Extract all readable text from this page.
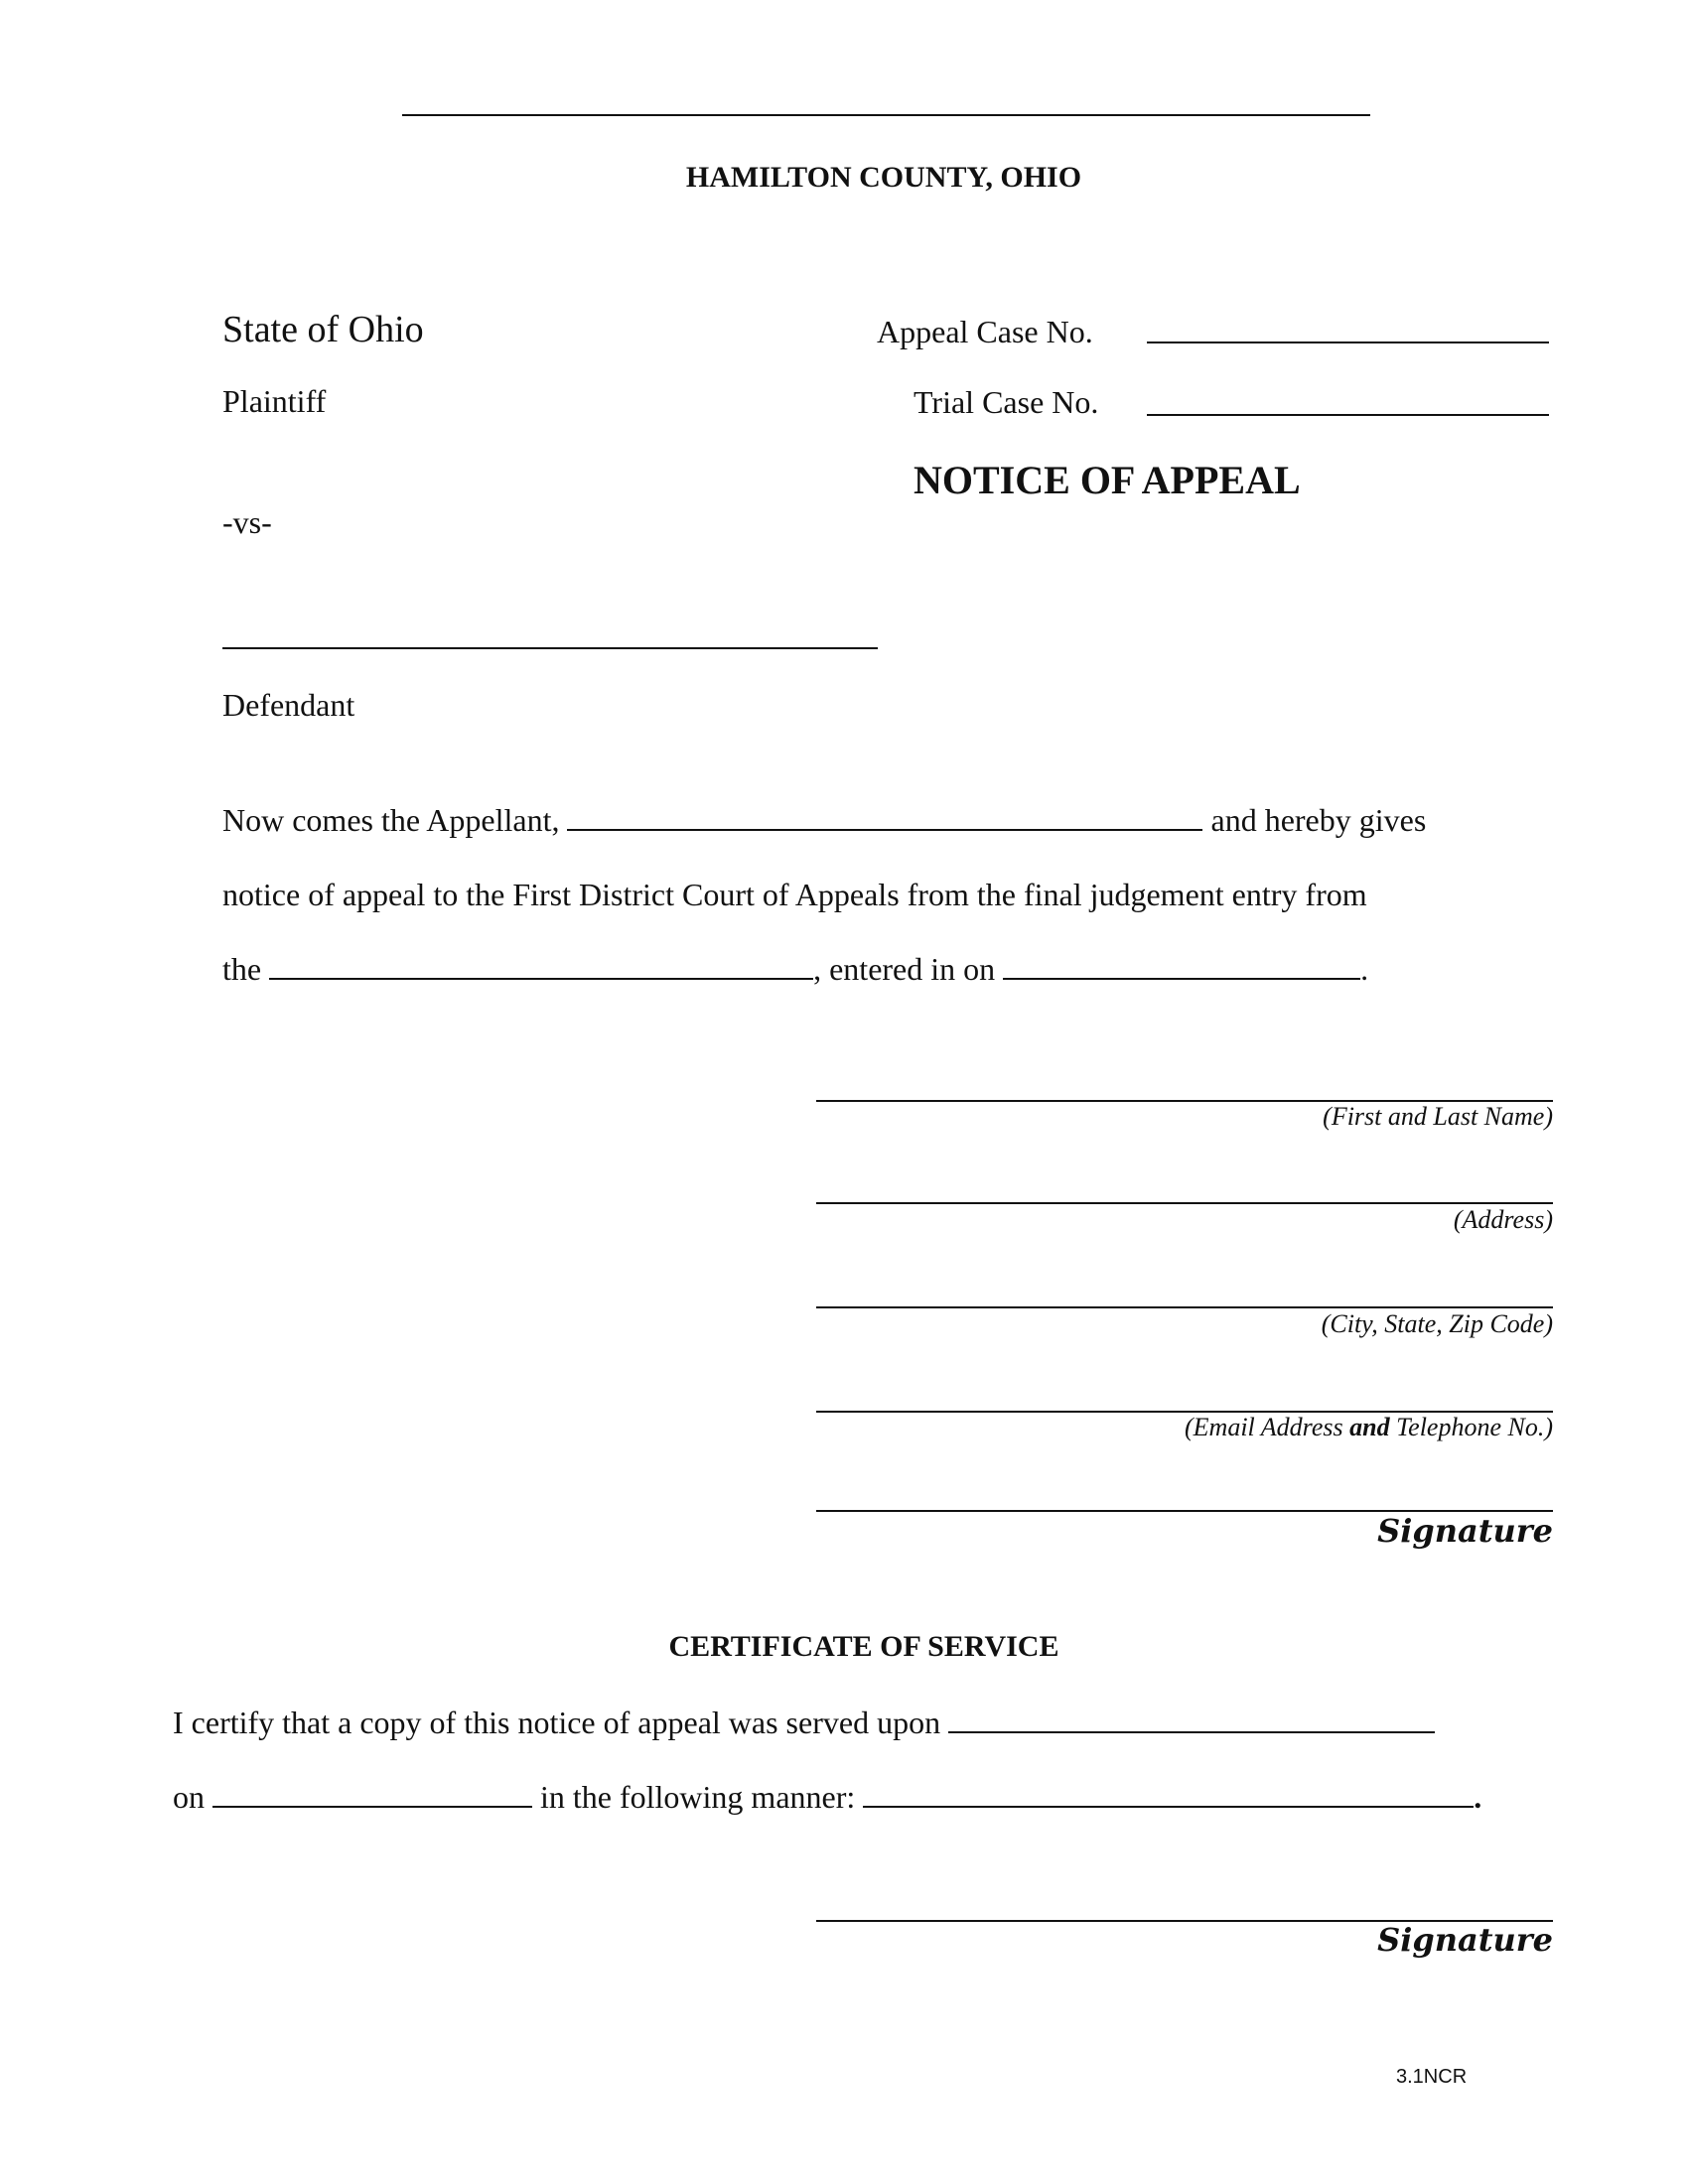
HAMILTON COUNTY, OHIO
State of Ohio
Plaintiff
-vs-
Defendant
Appeal Case No.
Trial Case No.
NOTICE OF APPEAL
Now comes the Appellant,	and hereby gives
notice of appeal to the First District Court of Appeals from the final judgement entry from
the	, entered in on	.
(First and Last Name)
(Address)
(City, State, Zip Code)
(Email Address and Telephone No.)
Signature
CERTIFICATE OF SERVICE
I certify that a copy of this notice of appeal was served upon
on	in the following manner:	.
Signature
3.1NCR
